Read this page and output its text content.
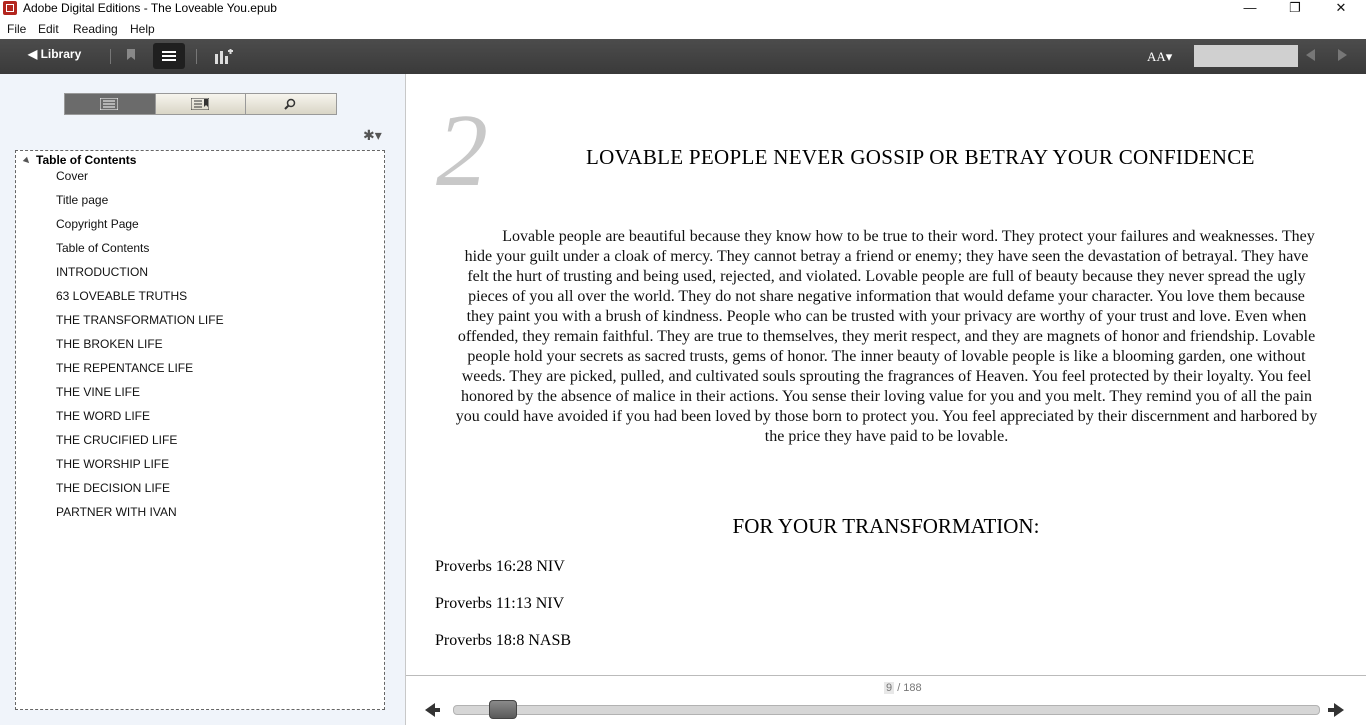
Adobe Digital Editions - The Loveable You.epub	—	❐	✕
File Edit Reading Help
◀ Library	AA▾
✱▾
Table of Contents
Cover
Title page
Copyright Page
Table of Contents
INTRODUCTION
63 LOVEABLE TRUTHS
THE TRANSFORMATION LIFE
THE BROKEN LIFE
THE REPENTANCE LIFE
THE VINE LIFE
THE WORD LIFE
THE CRUCIFIED LIFE
THE WORSHIP LIFE
THE DECISION LIFE
PARTNER WITH IVAN
2	LOVABLE PEOPLE NEVER GOSSIP OR BETRAY YOUR CONFIDENCE

Lovable people are beautiful because they know how to be true to their word. They protect your failures and weaknesses. They hide your guilt under a cloak of mercy. They cannot betray a friend or enemy; they have seen the devastation of betrayal. They have felt the hurt of trusting and being used, rejected, and violated. Lovable people are full of beauty because they never spread the ugly pieces of you all over the world. They do not share negative information that would defame your character. You love them because they paint you with a brush of kindness. People who can be trusted with your privacy are worthy of your trust and love. Even when offended, they remain faithful. They are true to themselves, they merit respect, and they are magnets of honor and friendship. Lovable people hold your secrets as sacred trusts, gems of honor. The inner beauty of lovable people is like a blooming garden, one without weeds. They are picked, pulled, and cultivated souls sprouting the fragrances of Heaven. You feel protected by their loyalty. You feel honored by the absence of malice in their actions. You sense their loving value for you and you melt. They remind you of all the pain you could have avoided if you had been loved by those born to protect you. You feel appreciated by their discernment and harbored by the price they have paid to be lovable.

FOR YOUR TRANSFORMATION:
Proverbs 16:28 NIV
Proverbs 11:13 NIV
Proverbs 18:8 NASB
9 / 188
